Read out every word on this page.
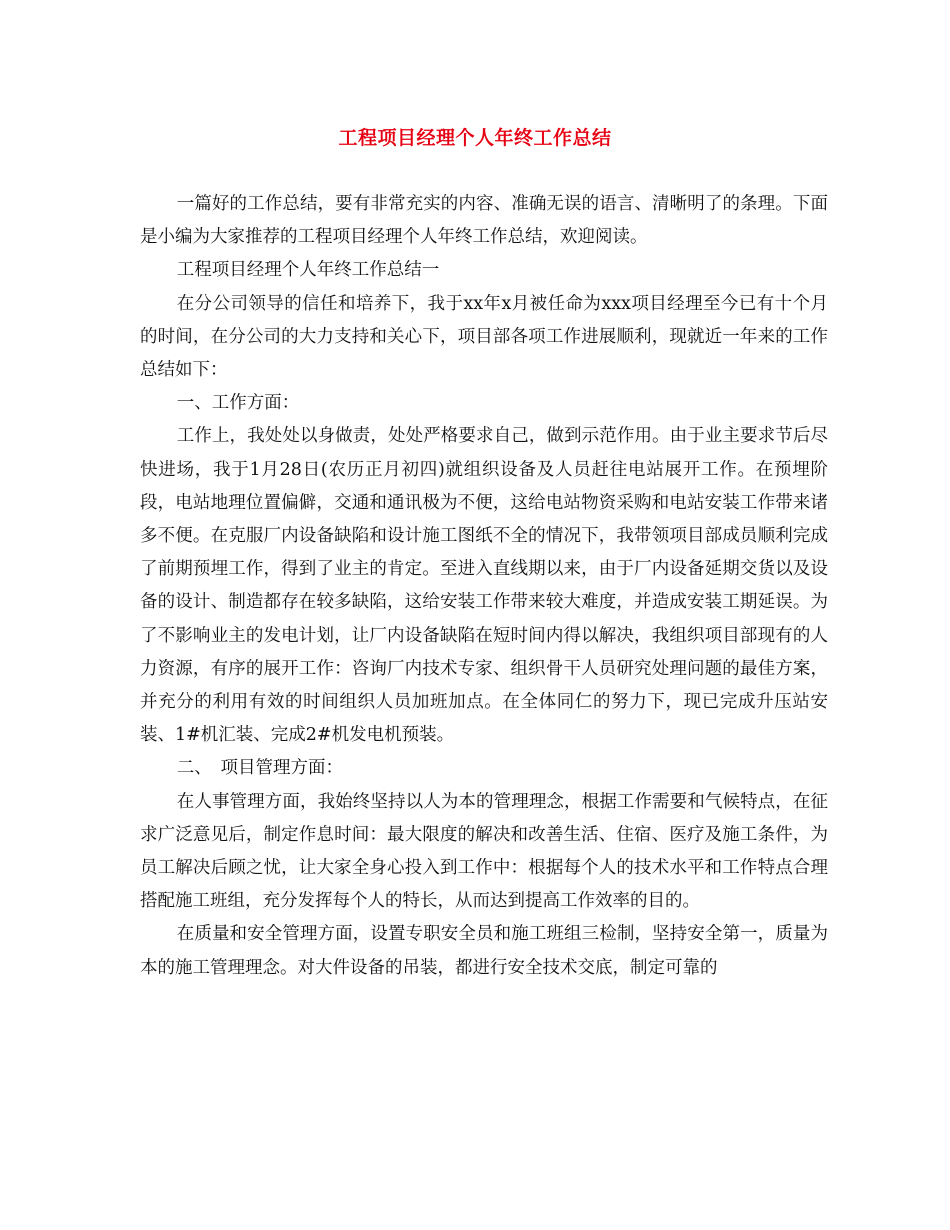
工程项目经理个人年终工作总结

一篇好的工作总结，要有非常充实的内容、准确无误的语言、清晰明了的条理。下面是小编为大家推荐的工程项目经理个人年终工作总结，欢迎阅读。

工程项目经理个人年终工作总结一

在分公司领导的信任和培养下，我于xx年x月被任命为xxx项目经理至今已有十个月的时间，在分公司的大力支持和关心下，项目部各项工作进展顺利，现就近一年来的工作总结如下：

一、工作方面：

工作上，我处处以身做责，处处严格要求自己，做到示范作用。由于业主要求节后尽快进场，我于1月28日(农历正月初四)就组织设备及人员赶往电站展开工作。在预埋阶段，电站地理位置偏僻，交通和通讯极为不便，这给电站物资采购和电站安装工作带来诸多不便。在克服厂内设备缺陷和设计施工图纸不全的情况下，我带领项目部成员顺利完成了前期预埋工作，得到了业主的肯定。至进入直线期以来，由于厂内设备延期交货以及设备的设计、制造都存在较多缺陷，这给安装工作带来较大难度，并造成安装工期延误。为了不影响业主的发电计划，让厂内设备缺陷在短时间内得以解决，我组织项目部现有的人力资源，有序的展开工作：咨询厂内技术专家、组织骨干人员研究处理问题的最佳方案，并充分的利用有效的时间组织人员加班加点。在全体同仁的努力下，现已完成升压站安装、1#机汇装、完成2#机发电机预装。

二、　项目管理方面：

在人事管理方面，我始终坚持以人为本的管理理念，根据工作需要和气候特点，在征求广泛意见后，制定作息时间：最大限度的解决和改善生活、住宿、医疗及施工条件，为员工解决后顾之忧，让大家全身心投入到工作中：根据每个人的技术水平和工作特点合理搭配施工班组，充分发挥每个人的特长，从而达到提高工作效率的目的。

在质量和安全管理方面，设置专职安全员和施工班组三检制，坚持安全第一，质量为本的施工管理理念。对大件设备的吊装，都进行安全技术交底，制定可靠的
